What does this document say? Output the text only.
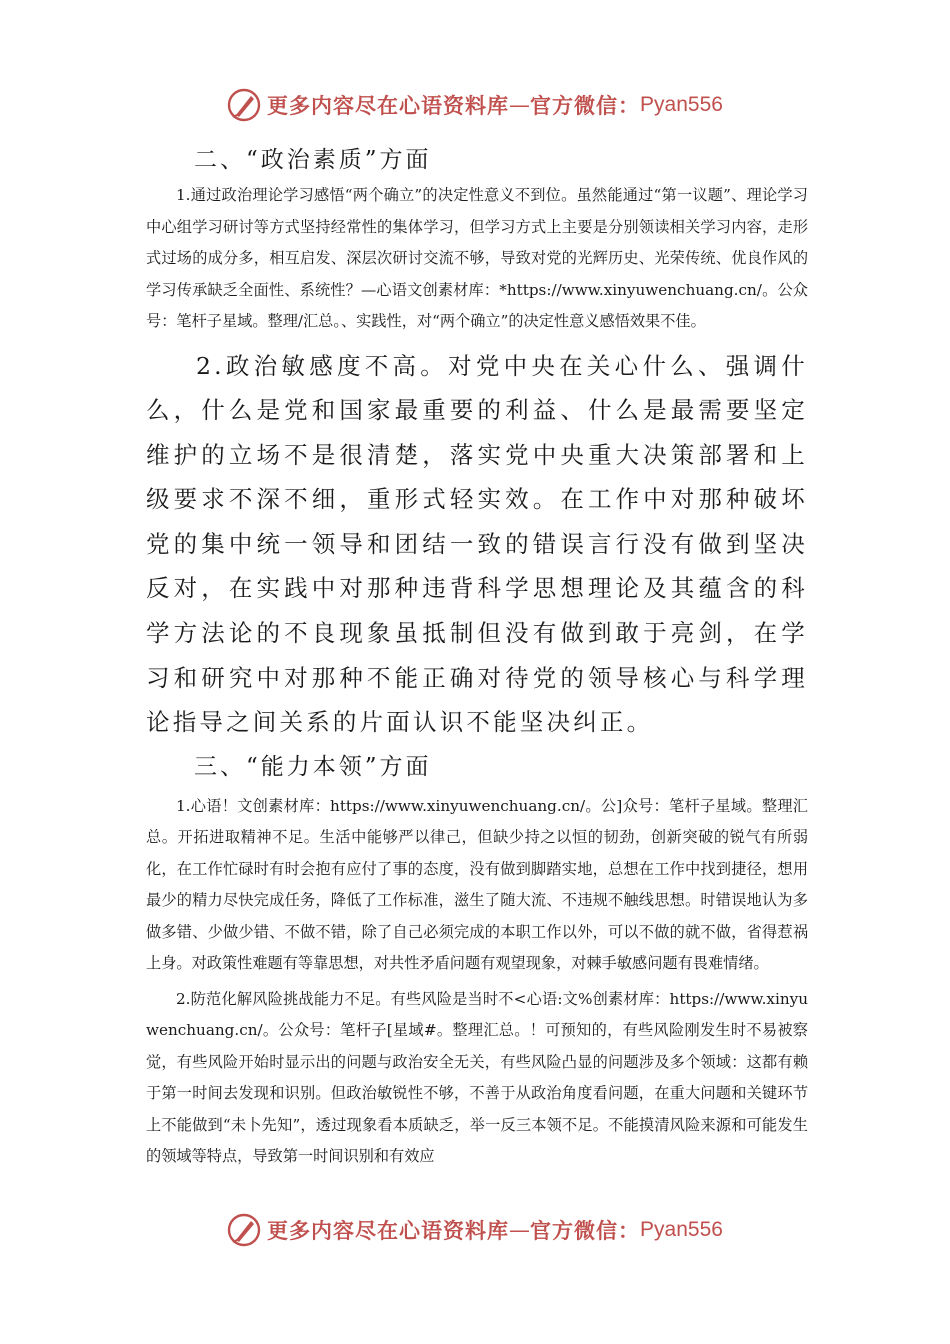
更多内容尽在心语资料库 — 官方微信： Pyan556
二、“政治素质”方面

1.通过政治理论学习感悟“两个确立”的决定性意义不到位。虽然能通过“第一议题”、理论学习中心组学习研讨等方式坚持经常性的集体学习，但学习方式上主要是分别领读相关学习内容，走形式过场的成分多，相互启发、深层次研讨交流不够，导致对党的光辉历史、光荣传统、优良作风的学习传承缺乏全面性、系统性？—心语文创素材库：*https://www.xinyuwenchuang.cn/。公众号：笔杆子星域。整理/汇总。、实践性，对“两个确立”的决定性意义感悟效果不佳。

2.政治敏感度不高。对党中央在关心什么、强调什么，什么是党和国家最重要的利益、什么是最需要坚定维护的立场不是很清楚，落实党中央重大决策部署和上级要求不深不细，重形式轻实效。在工作中对那种破坏党的集中统一领导和团结一致的错误言行没有做到坚决反对，在实践中对那种违背科学思想理论及其蕴含的科学方法论的不良现象虽抵制但没有做到敢于亮剑，在学习和研究中对那种不能正确对待党的领导核心与科学理论指导之间关系的片面认识不能坚决纠正。

三、“能力本领”方面

1.心语！文创素材库：https://www.xinyuwenchuang.cn/。公]众号：笔杆子星域。整理汇总。开拓进取精神不足。生活中能够严以律己，但缺少持之以恒的韧劲，创新突破的锐气有所弱化，在工作忙碌时有时会抱有应付了事的态度，没有做到脚踏实地，总想在工作中找到捷径，想用最少的精力尽快完成任务，降低了工作标准，滋生了随大流、不违规不触线思想。时错误地认为多做多错、少做少错、不做不错，除了自己必须完成的本职工作以外，可以不做的就不做，省得惹祸上身。对政策性难题有等靠思想，对共性矛盾问题有观望现象，对棘手敏感问题有畏难情绪。

2.防范化解风险挑战能力不足。有些风险是当时不<心语:文%创素材库：https://www.xinyuwenchuang.cn/。公众号：笔杆子[星域#。整理汇总。！可预知的，有些风险刚发生时不易被察觉，有些风险开始时显示出的问题与政治安全无关，有些风险凸显的问题涉及多个领域：这都有赖于第一时间去发现和识别。但政治敏锐性不够，不善于从政治角度看问题，在重大问题和关键环节上不能做到“未卜先知”，透过现象看本质缺乏，举一反三本领不足。不能摸清风险来源和可能发生的领域等特点，导致第一时间识别和有效应

更多内容尽在心语资料库 — 官方微信： Pyan556
